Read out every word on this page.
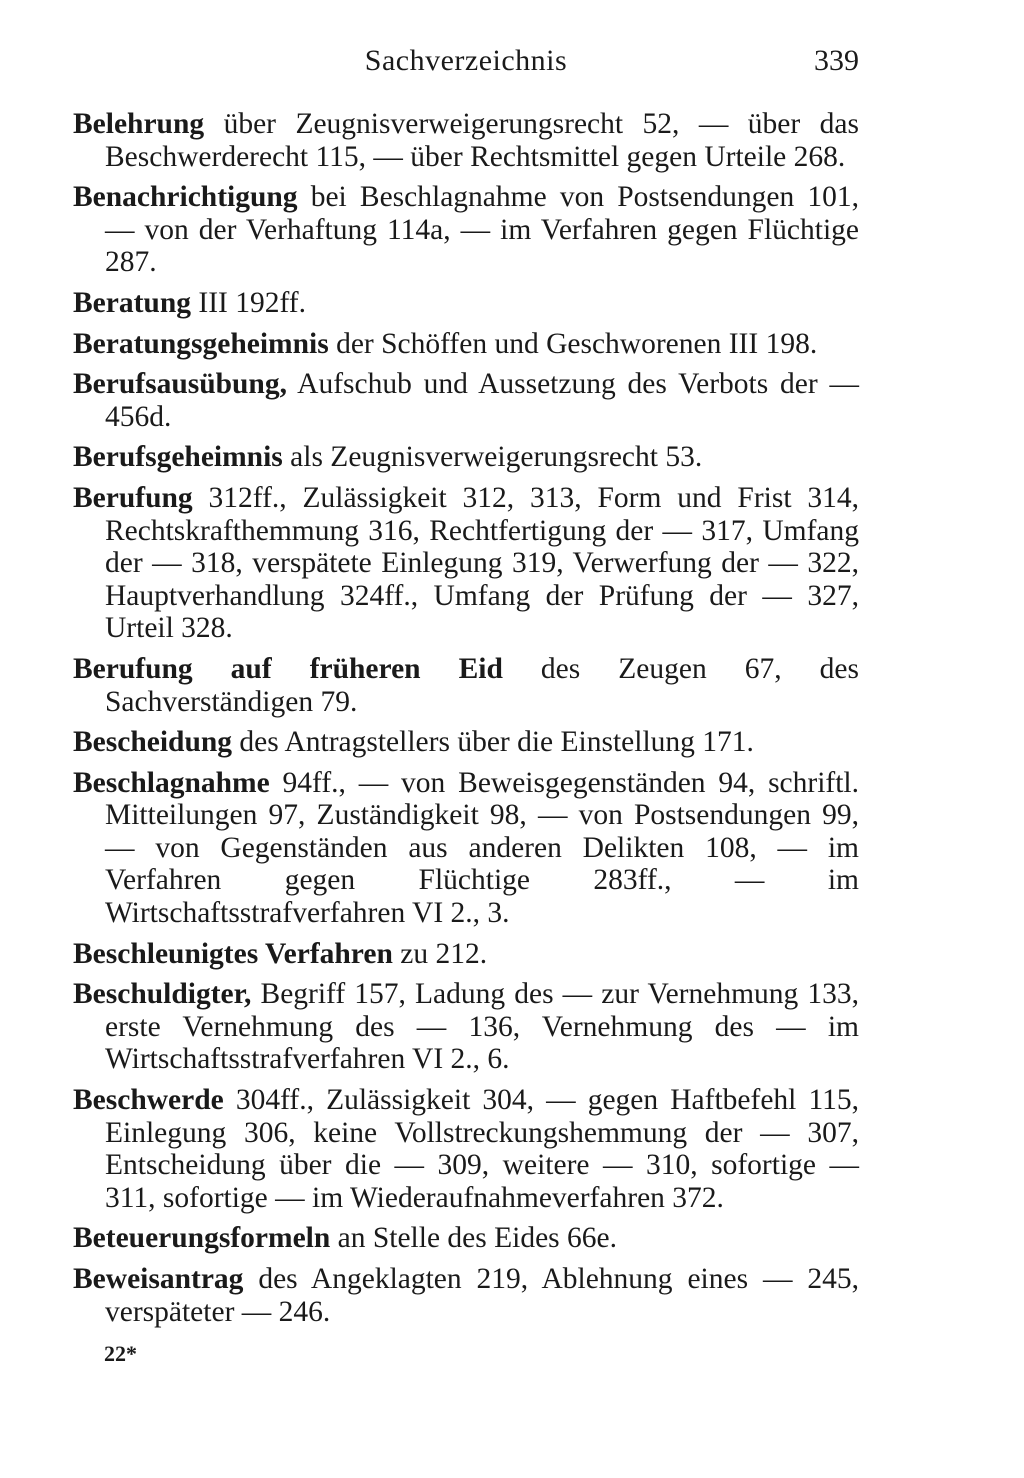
Sachverzeichnis	339

Belehrung über Zeugnisverweigerungsrecht 52, — über das Beschwerderecht 115, — über Rechtsmittel gegen Urteile 268.

Benachrichtigung bei Beschlagnahme von Postsendungen 101, — von der Verhaftung 114a, — im Verfahren gegen Flüchtige 287.

Beratung III 192ff.

Beratungsgeheimnis der Schöffen und Geschworenen III 198.

Berufsausübung, Aufschub und Aussetzung des Verbots der — 456d.

Berufsgeheimnis als Zeugnisverweigerungsrecht 53.

Berufung 312ff., Zulässigkeit 312, 313, Form und Frist 314, Rechtskrafthemmung 316, Rechtfertigung der — 317, Umfang der — 318, verspätete Einlegung 319, Verwerfung der — 322, Hauptverhandlung 324ff., Umfang der Prüfung der — 327, Urteil 328.

Berufung auf früheren Eid des Zeugen 67, des Sachverständigen 79.

Bescheidung des Antragstellers über die Einstellung 171.

Beschlagnahme 94ff., — von Beweisgegenständen 94, schriftl. Mitteilungen 97, Zuständigkeit 98, — von Postsendungen 99, — von Gegenständen aus anderen Delikten 108, — im Verfahren gegen Flüchtige 283ff., — im Wirtschaftsstrafverfahren VI 2., 3.

Beschleunigtes Verfahren zu 212.

Beschuldigter, Begriff 157, Ladung des — zur Vernehmung 133, erste Vernehmung des — 136, Vernehmung des — im Wirtschaftsstrafverfahren VI 2., 6.

Beschwerde 304ff., Zulässigkeit 304, — gegen Haftbefehl 115, Einlegung 306, keine Vollstreckungshemmung der — 307, Entscheidung über die — 309, weitere — 310, sofortige — 311, sofortige — im Wiederaufnahmeverfahren 372.

Beteuerungsformeln an Stelle des Eides 66e.

Beweisantrag des Angeklagten 219, Ablehnung eines — 245, verspäteter — 246.

22*
